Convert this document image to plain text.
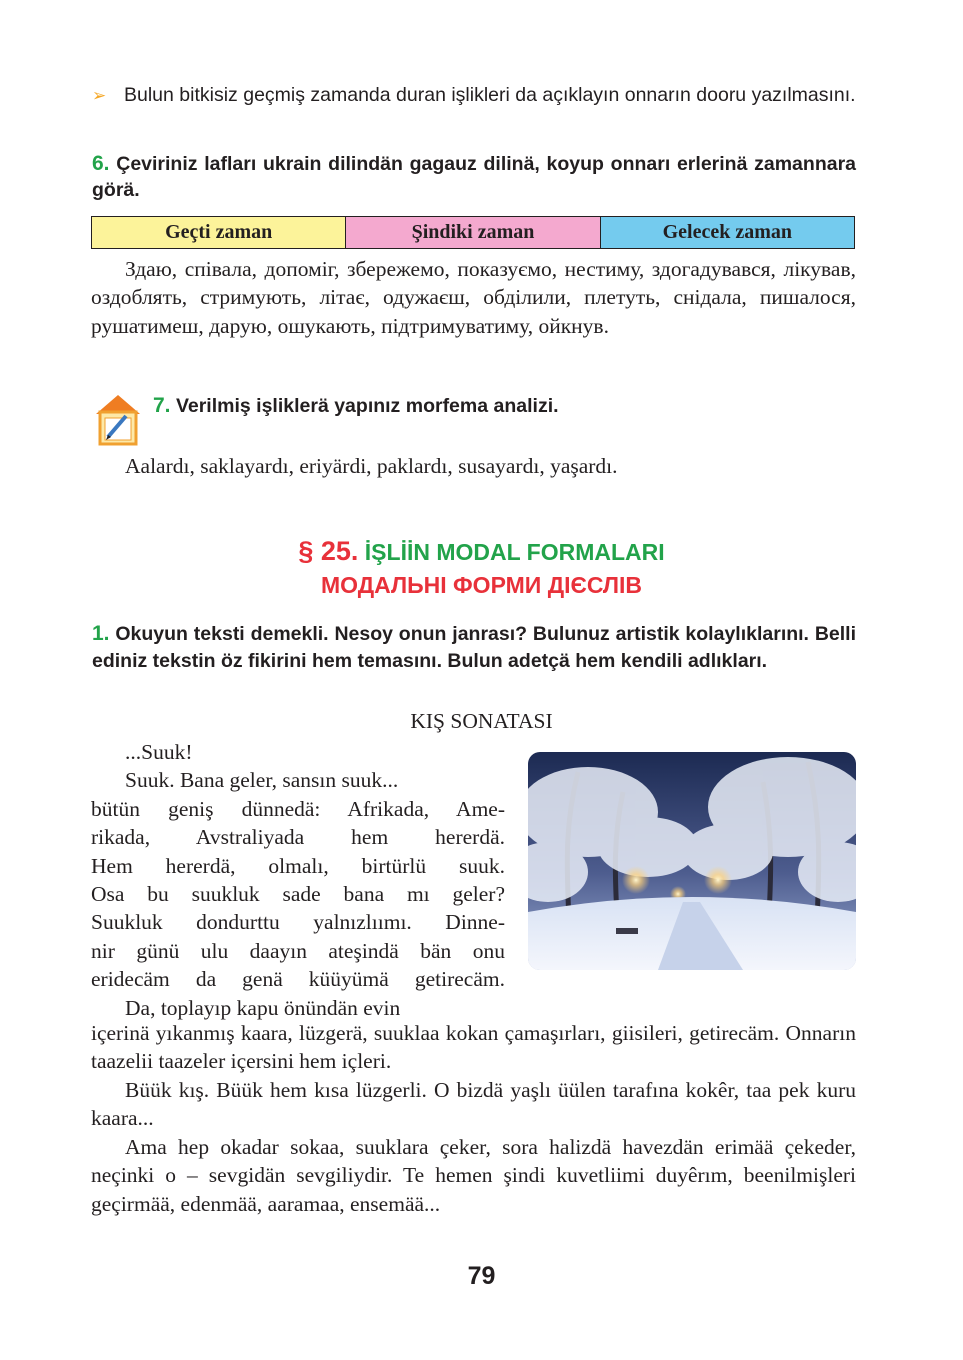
➢ Bulun bitkisiz geçmiş zamanda duran işlikleri da açıklayın onnarın dooru yazılmasını.
6. Çeviriniz lafları ukrain dilindän gagauz dilinä, koyup onnarı erlerinä zamannara görä.
Geçti zaman	Şindiki zaman	Gelecek zaman
Здаю, співала, допоміг, збережемо, показуємо, нестиму, здогадувався, лікував, оздоблять, стримують, літає, одужаєш, обділили, плетуть, снідала, пишалося, рушатимеш, дарую, ошукають, підтримуватиму, ойкнув.
7. Verilmiş işliklerä yapınız morfema analizi.
Aalardı, saklayardı, eriyärdi, paklardı, susayardı, yaşardı.
§ 25. İŞLİİN MODAL FORMALARI
МОДАЛЬНІ ФОРМИ ДІЄСЛІВ
1. Okuyun teksti demekli. Nesoy onun janrası? Bulunuz artistik kolaylıklarını. Belli ediniz tekstin öz fikirini hem temasını. Bulun adetçä hem kendili adlıkları.
KIŞ SONATASI
...Suuk!
Suuk. Bana geler, sansın suuk...
bütün geniş dünnedä: Afrikada, Ame-
rikada, Avstraliyada hem hererdä.
Hem hererdä, olmalı, birtürlü suuk.
Osa bu suukluk sade bana mı geler?
Suukluk dondurttu yalnızlıımı. Dinne-
nir günü ulu daayın ateşindä bän onu
eridecäm da genä küüyümä getirecäm.
Da, toplayıp kapu önündän evin
içerinä yıkanmış kaara, lüzgerä, suuklaa kokan çamaşırları, giisileri, getirecäm. Onnarın taazelii taazeler içersini hem içleri.
Büük kış. Büük hem kısa lüzgerli. O bizdä yaşlı üülen tarafına kokêr, taa pek kuru kaara...
Ama hep okadar sokaa, suuklara çeker, sora halizdä havezdän erimää çekeder, neçinki o – sevgidän sevgiliydir. Te hemen şindi kuvetliimi duyêrım, beenilmişleri geçirmää, edenmää, aaramaa, ensemää...
79
